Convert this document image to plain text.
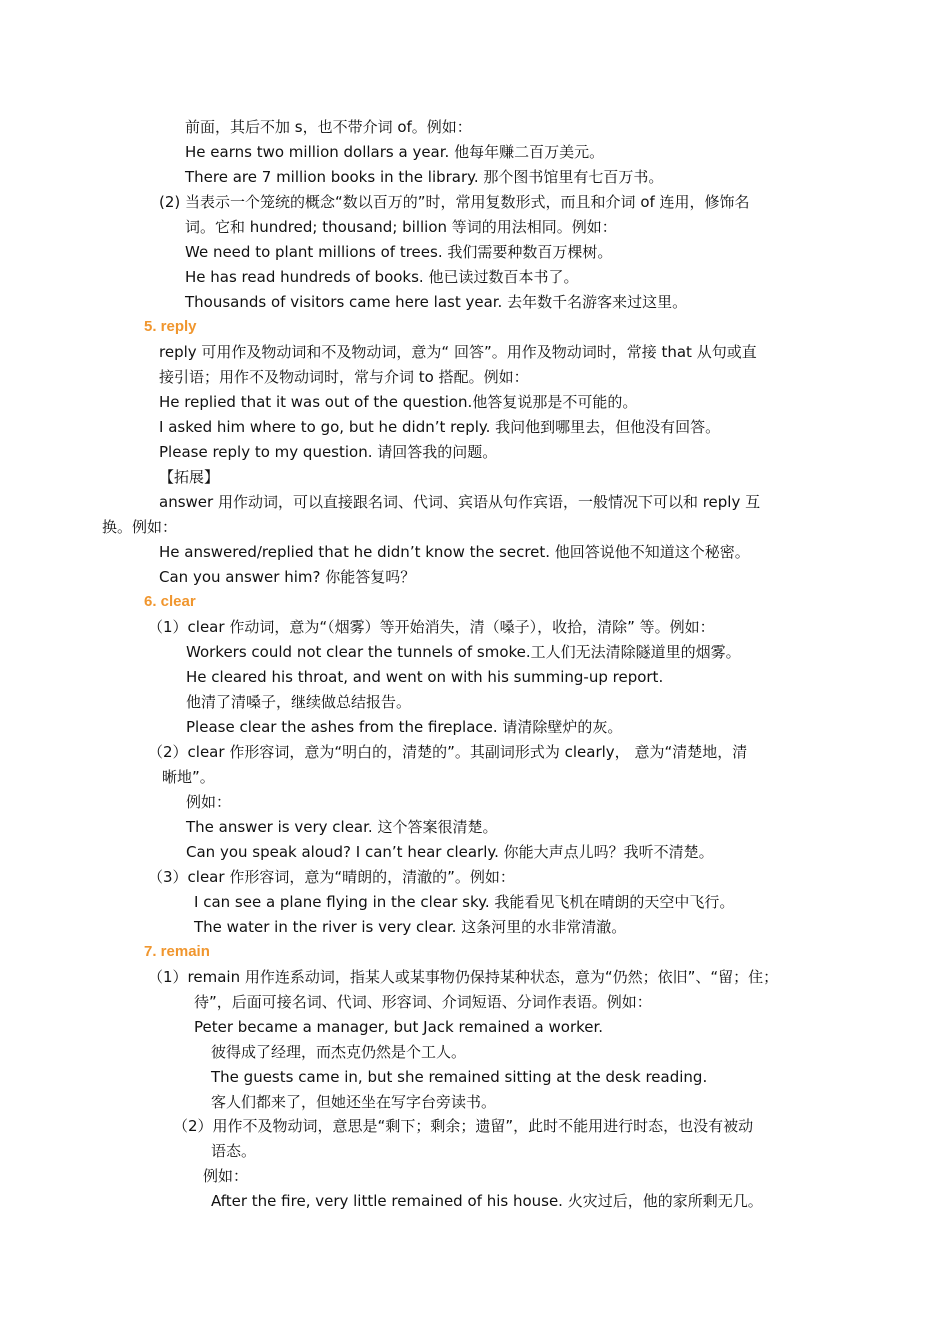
前面，其后不加 s，也不带介词 of。例如：

He earns two million dollars a year. 他每年赚二百万美元。

There are 7 million books in the library. 那个图书馆里有七百万书。

(2) 当表示一个笼统的概念“数以百万的”时，常用复数形式，而且和介词 of 连用，修饰名

词。它和 hundred; thousand; billion 等词的用法相同。例如：

We need to plant millions of trees. 我们需要种数百万棵树。

He has read hundreds of books. 他已读过数百本书了。

Thousands of visitors came here last year. 去年数千名游客来过这里。

5. reply

reply 可用作及物动词和不及物动词，意为“ 回答”。用作及物动词时，常接 that 从句或直

接引语；用作不及物动词时，常与介词 to 搭配。例如：

He replied that it was out of the question.他答复说那是不可能的。

I asked him where to go, but he didn’t reply. 我问他到哪里去，但他没有回答。

Please reply to my question. 请回答我的问题。

【拓展】

answer 用作动词，可以直接跟名词、代词、宾语从句作宾语，一般情况下可以和 reply 互

换。例如：

He answered/replied that he didn’t know the secret. 他回答说他不知道这个秘密。

Can you answer him? 你能答复吗？

6. clear

（1）clear 作动词，意为“（烟雾）等开始消失，清（嗓子），收拾，清除” 等。例如：

Workers could not clear the tunnels of smoke.工人们无法清除隧道里的烟雾。

He cleared his throat, and went on with his summing-up report.

他清了清嗓子，继续做总结报告。

Please clear the ashes from the fireplace. 请清除壁炉的灰。

（2）clear 作形容词，意为“明白的，清楚的”。其副词形式为 clearly， 意为“清楚地，清

晰地”。

例如：

The answer is very clear. 这个答案很清楚。

Can you speak aloud? I can’t hear clearly. 你能大声点儿吗？我听不清楚。

（3）clear 作形容词，意为“晴朗的，清澈的”。例如：

I can see a plane flying in the clear sky. 我能看见飞机在晴朗的天空中飞行。

The water in the river is very clear. 这条河里的水非常清澈。

7. remain

（1）remain 用作连系动词，指某人或某事物仍保持某种状态，意为“仍然；依旧”、“留；住；

待”，后面可接名词、代词、形容词、介词短语、分词作表语。例如：

Peter became a manager, but Jack remained a worker.

彼得成了经理，而杰克仍然是个工人。

The guests came in, but she remained sitting at the desk reading.

客人们都来了，但她还坐在写字台旁读书。

（2）用作不及物动词，意思是“剩下；剩余；遗留”，此时不能用进行时态，也没有被动

语态。

例如：

After the fire, very little remained of his house. 火灾过后，他的家所剩无几。
